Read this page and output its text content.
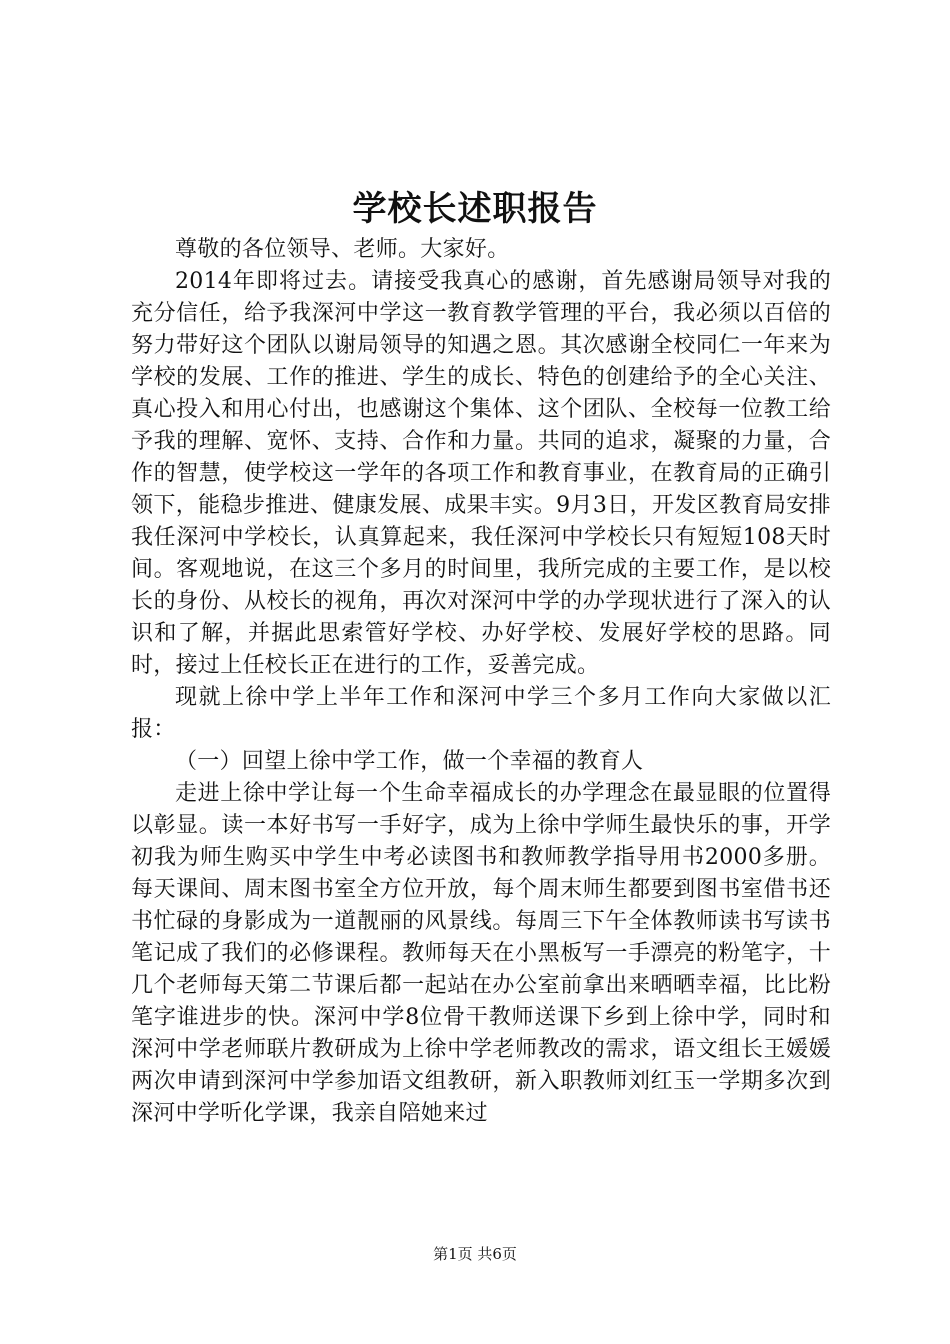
学校长述职报告

尊敬的各位领导、老师。大家好。

2014年即将过去。请接受我真心的感谢，首先感谢局领导对我的充分信任，给予我深河中学这一教育教学管理的平台，我必须以百倍的努力带好这个团队以谢局领导的知遇之恩。其次感谢全校同仁一年来为学校的发展、工作的推进、学生的成长、特色的创建给予的全心关注、真心投入和用心付出，也感谢这个集体、这个团队、全校每一位教工给予我的理解、宽怀、支持、合作和力量。共同的追求，凝聚的力量，合作的智慧，使学校这一学年的各项工作和教育事业，在教育局的正确引领下，能稳步推进、健康发展、成果丰实。9月3日，开发区教育局安排我任深河中学校长，认真算起来，我任深河中学校长只有短短108天时间。客观地说，在这三个多月的时间里，我所完成的主要工作，是以校长的身份、从校长的视角，再次对深河中学的办学现状进行了深入的认识和了解，并据此思索管好学校、办好学校、发展好学校的思路。同时，接过上任校长正在进行的工作，妥善完成。

现就上徐中学上半年工作和深河中学三个多月工作向大家做以汇报：

（一）回望上徐中学工作，做一个幸福的教育人

走进上徐中学让每一个生命幸福成长的办学理念在最显眼的位置得以彰显。读一本好书写一手好字，成为上徐中学师生最快乐的事，开学初我为师生购买中学生中考必读图书和教师教学指导用书2000多册。每天课间、周末图书室全方位开放，每个周末师生都要到图书室借书还书忙碌的身影成为一道靓丽的风景线。每周三下午全体教师读书写读书笔记成了我们的必修课程。教师每天在小黑板写一手漂亮的粉笔字，十几个老师每天第二节课后都一起站在办公室前拿出来晒晒幸福，比比粉笔字谁进步的快。深河中学8位骨干教师送课下乡到上徐中学，同时和深河中学老师联片教研成为上徐中学老师教改的需求，语文组长王媛媛两次申请到深河中学参加语文组教研，新入职教师刘红玉一学期多次到深河中学听化学课，我亲自陪她来过

第1页 共6页
